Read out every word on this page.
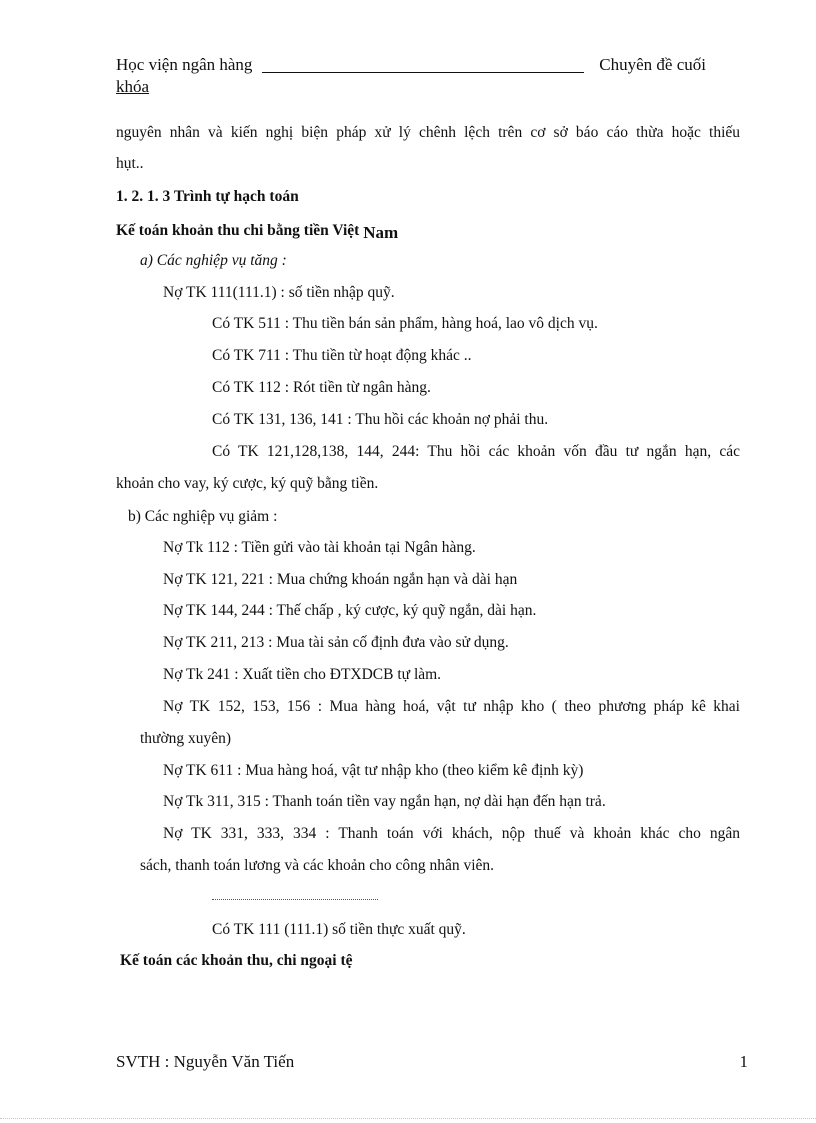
Học viện ngân hàng	Chuyên đề cuối
khóa
nguyên nhân và kiến nghị biện pháp xử lý chênh lệch trên cơ sở báo cáo thừa hoặc thiếu
hụt..
1. 2. 1. 3 Trình tự hạch toán
Kế toán khoản thu chi bằng tiền Việt Nam
a) Các nghiệp vụ tăng :
Nợ TK 111(111.1) : số tiền nhập quỹ.
Có TK 511 : Thu tiền bán sản phẩm, hàng hoá, lao vô dịch vụ.
Có TK 711 : Thu tiền từ hoạt động khác ..
Có TK 112 : Rót tiền từ ngân hàng.
Có TK 131, 136, 141 : Thu hồi các khoản nợ phải thu.
Có TK 121,128,138, 144, 244: Thu hồi các khoản vốn đầu tư ngắn hạn, các
khoản cho vay, ký cược, ký quỹ bằng tiền.
b) Các nghiệp vụ giảm :
Nợ Tk 112 : Tiền gửi vào tài khoản tại Ngân hàng.
Nợ TK 121, 221 : Mua chứng khoán ngắn hạn và dài hạn
Nợ TK 144, 244 : Thế chấp , ký cược, ký quỹ ngắn, dài hạn.
Nợ TK 211, 213 : Mua tài sản cố định đưa vào sử dụng.
Nợ Tk 241 : Xuất tiền cho ĐTXDCB tự làm.
Nợ TK 152, 153, 156 : Mua hàng hoá, vật tư nhập kho ( theo phương pháp kê khai
thường xuyên)
Nợ TK 611 : Mua hàng hoá, vật tư nhập kho (theo kiểm kê định kỳ)
Nợ Tk 311, 315 : Thanh toán tiền vay ngắn hạn, nợ dài hạn đến hạn trả.
Nợ TK 331, 333, 334 : Thanh toán với khách, nộp thuế và khoản khác cho ngân
sách, thanh toán lương và các khoản cho công nhân viên.
Có TK 111 (111.1) số tiền thực xuất quỹ.
Kế toán các khoản thu, chi ngoại tệ
SVTH : Nguyễn Văn Tiến	1
